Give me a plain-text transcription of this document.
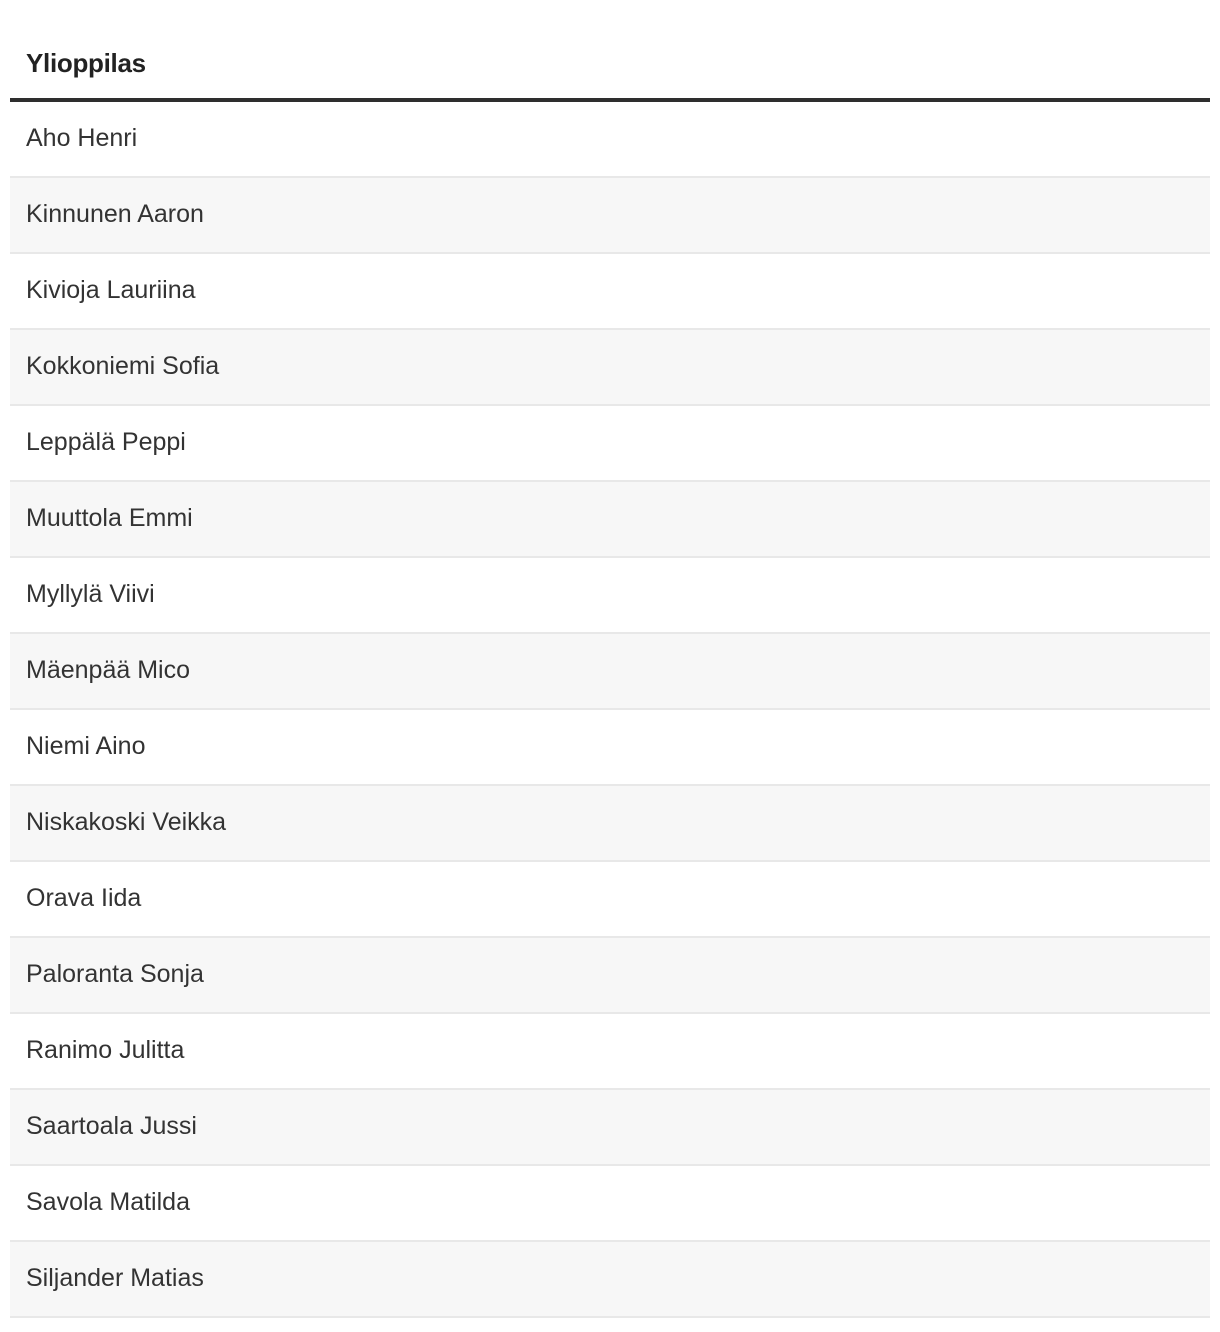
Ylioppilas
Aho Henri
Kinnunen Aaron
Kivioja Lauriina
Kokkoniemi Sofia
Leppälä Peppi
Muuttola Emmi
Myllylä Viivi
Mäenpää Mico
Niemi Aino
Niskakoski Veikka
Orava Iida
Paloranta Sonja
Ranimo Julitta
Saartoala Jussi
Savola Matilda
Siljander Matias
